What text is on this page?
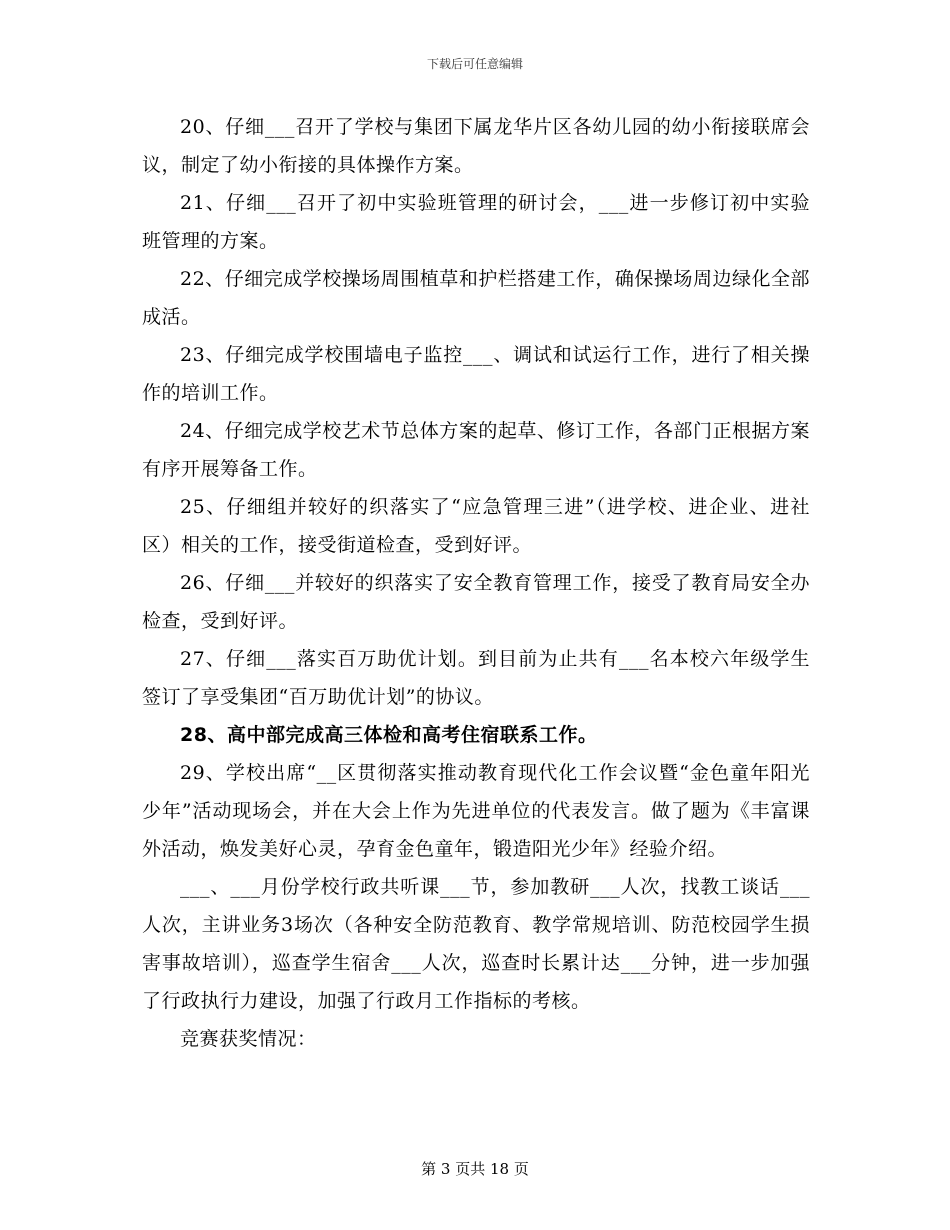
下载后可任意编辑

20、仔细___召开了学校与集团下属龙华片区各幼儿园的幼小衔接联席会议，制定了幼小衔接的具体操作方案。

21、仔细___召开了初中实验班管理的研讨会，___进一步修订初中实验班管理的方案。

22、仔细完成学校操场周围植草和护栏搭建工作，确保操场周边绿化全部成活。

23、仔细完成学校围墙电子监控___、调试和试运行工作，进行了相关操作的培训工作。

24、仔细完成学校艺术节总体方案的起草、修订工作，各部门正根据方案有序开展筹备工作。

25、仔细组并较好的织落实了“应急管理三进”（进学校、进企业、进社区）相关的工作，接受街道检查，受到好评。

26、仔细___并较好的织落实了安全教育管理工作，接受了教育局安全办检查，受到好评。

27、仔细___落实百万助优计划。到目前为止共有___名本校六年级学生签订了享受集团“百万助优计划”的协议。

28、高中部完成高三体检和高考住宿联系工作。

29、学校出席“__区贯彻落实推动教育现代化工作会议暨“金色童年阳光少年”活动现场会，并在大会上作为先进单位的代表发言。做了题为《丰富课外活动，焕发美好心灵，孕育金色童年，锻造阳光少年》经验介绍。

___、___月份学校行政共听课___节，参加教研___人次，找教工谈话___人次，主讲业务3场次（各种安全防范教育、教学常规培训、防范校园学生损害事故培训），巡查学生宿舍___人次，巡查时长累计达___分钟，进一步加强了行政执行力建设，加强了行政月工作指标的考核。

竞赛获奖情况：

第 3 页共 18 页
